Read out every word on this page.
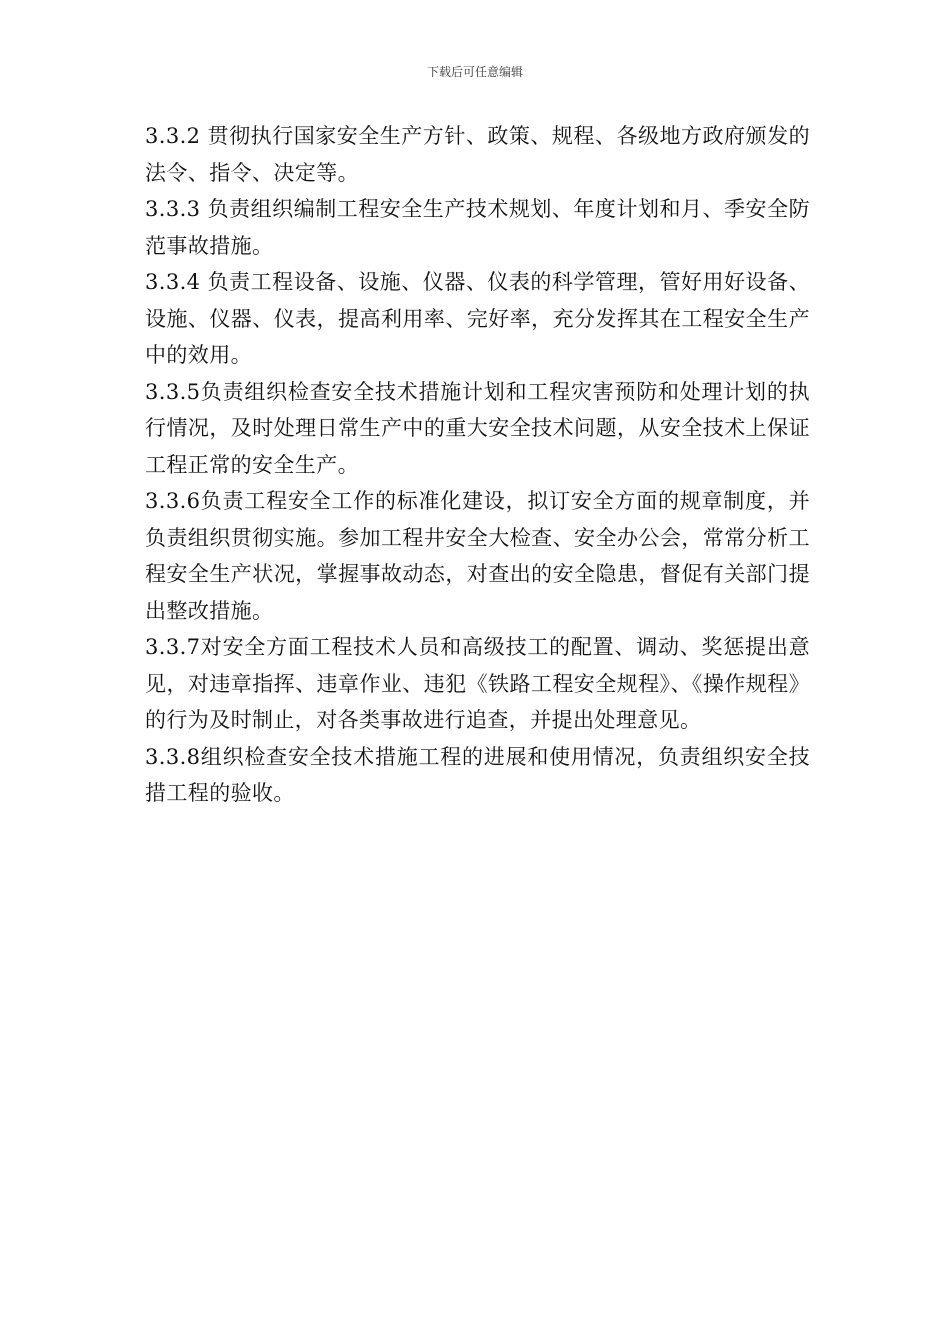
下载后可任意编辑

3.3.2 贯彻执行国家安全生产方针、政策、规程、各级地方政府颁发的法令、指令、决定等。

3.3.3 负责组织编制工程安全生产技术规划、年度计划和月、季安全防范事故措施。

3.3.4 负责工程设备、设施、仪器、仪表的科学管理，管好用好设备、设施、仪器、仪表，提高利用率、完好率，充分发挥其在工程安全生产中的效用。

3.3.5负责组织检查安全技术措施计划和工程灾害预防和处理计划的执行情况，及时处理日常生产中的重大安全技术问题，从安全技术上保证工程正常的安全生产。

3.3.6负责工程安全工作的标准化建设，拟订安全方面的规章制度，并负责组织贯彻实施。参加工程井安全大检查、安全办公会，常常分析工程安全生产状况，掌握事故动态，对查出的安全隐患，督促有关部门提出整改措施。

3.3.7对安全方面工程技术人员和高级技工的配置、调动、奖惩提出意见，对违章指挥、违章作业、违犯《铁路工程安全规程》、《操作规程》的行为及时制止，对各类事故进行追查，并提出处理意见。

3.3.8组织检查安全技术措施工程的进展和使用情况，负责组织安全技措工程的验收。
